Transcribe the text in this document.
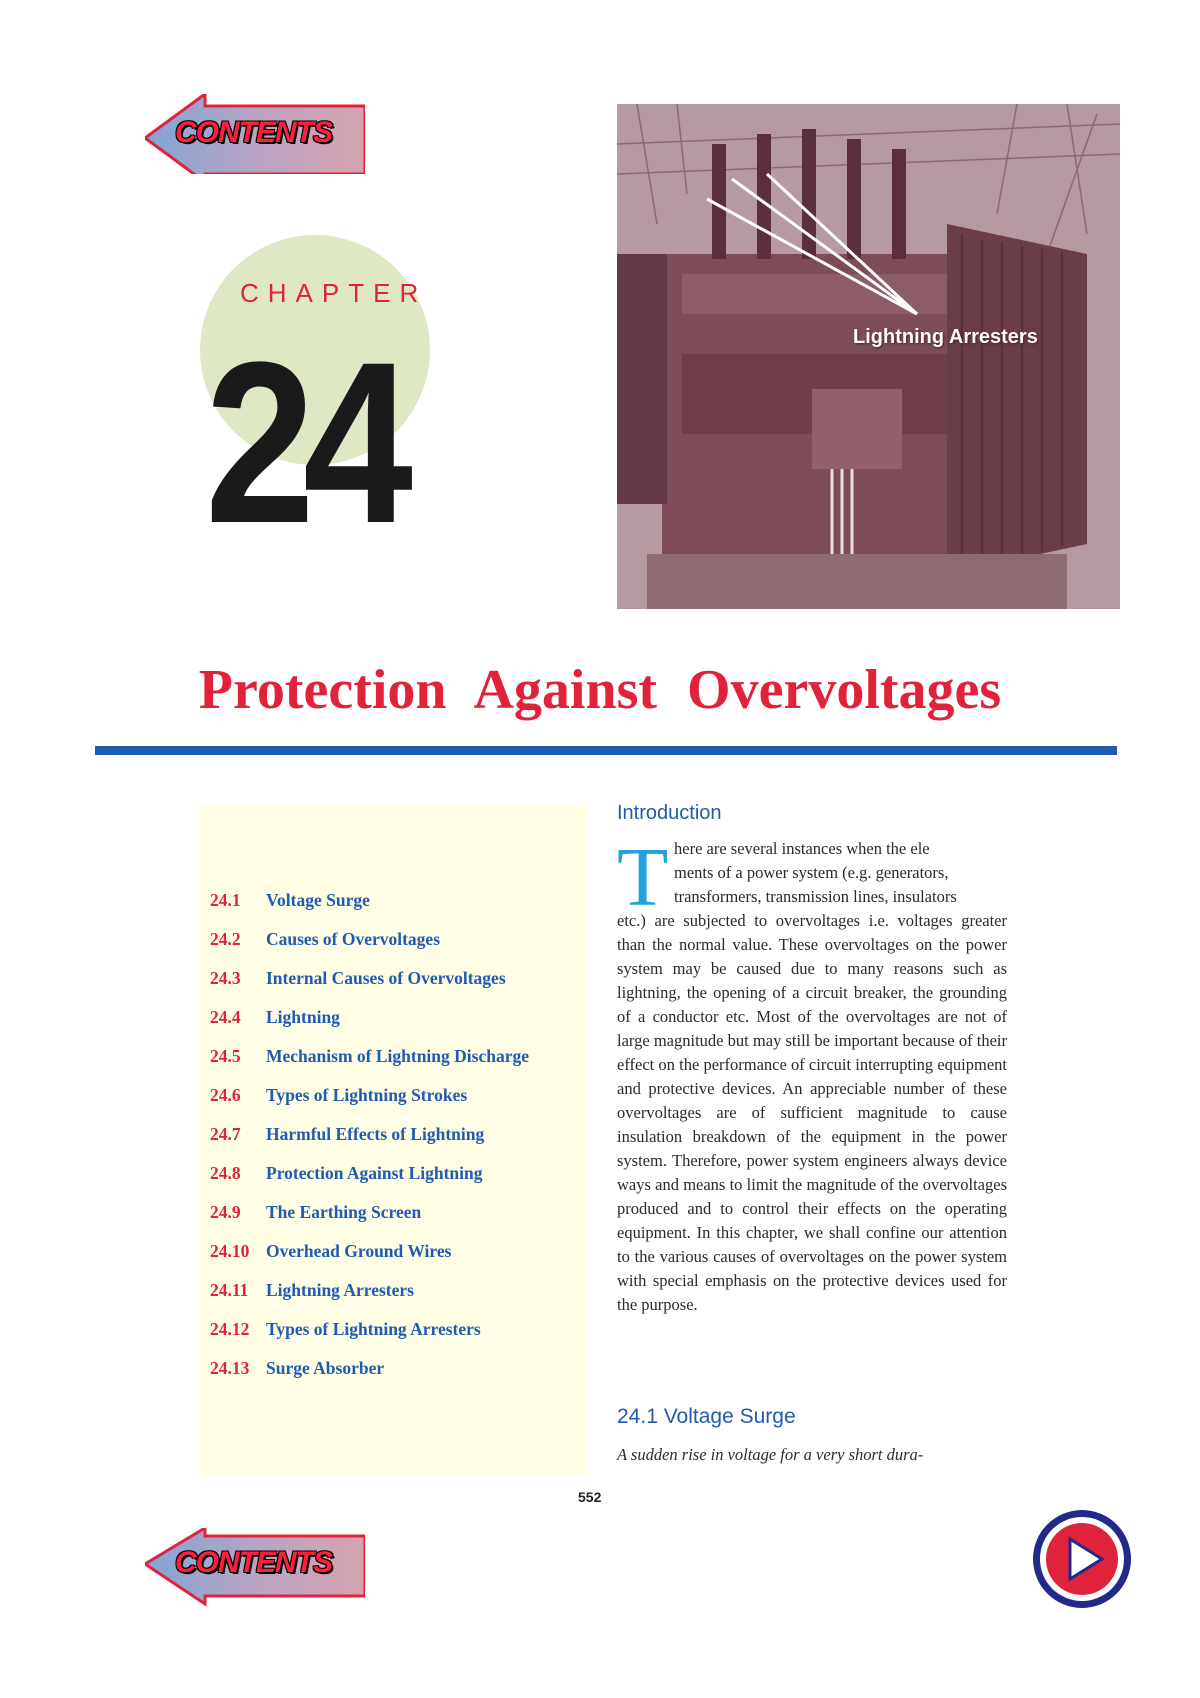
CONTENTS
CHAPTER
24	Lightning Arresters
Protection Against Overvoltages
24.1 Voltage Surge
24.2 Causes of Overvoltages
24.3 Internal Causes of Overvoltages
24.4 Lightning
24.5 Mechanism of Lightning Discharge
24.6 Types of Lightning Strokes
24.7 Harmful Effects of Lightning
24.8 Protection Against Lightning
24.9 The Earthing Screen
24.10 Overhead Ground Wires
24.11 Lightning Arresters
24.12 Types of Lightning Arresters
24.13 Surge Absorber
Introduction
T here are several instances when the ele
ments of a power system (e.g. generators,
transformers, transmission lines, insulators
etc.) are subjected to overvoltages i.e. voltages greater than the normal value. These overvoltages on the power system may be caused due to many reasons such as lightning, the opening of a circuit breaker, the grounding of a conductor etc. Most of the overvoltages are not of large magnitude but may still be important because of their effect on the performance of circuit interrupting equipment and protective devices. An appreciable number of these overvoltages are of sufficient magnitude to cause insulation breakdown of the equipment in the power system. Therefore, power system engineers always device ways and means to limit the magnitude of the overvoltages produced and to control their effects on the operating equipment. In this chapter, we shall confine our attention to the various causes of overvoltages on the power system with special emphasis on the protective devices used for the purpose.
24.1 Voltage Surge
A sudden rise in voltage for a very short dura-
552
CONTENTS
